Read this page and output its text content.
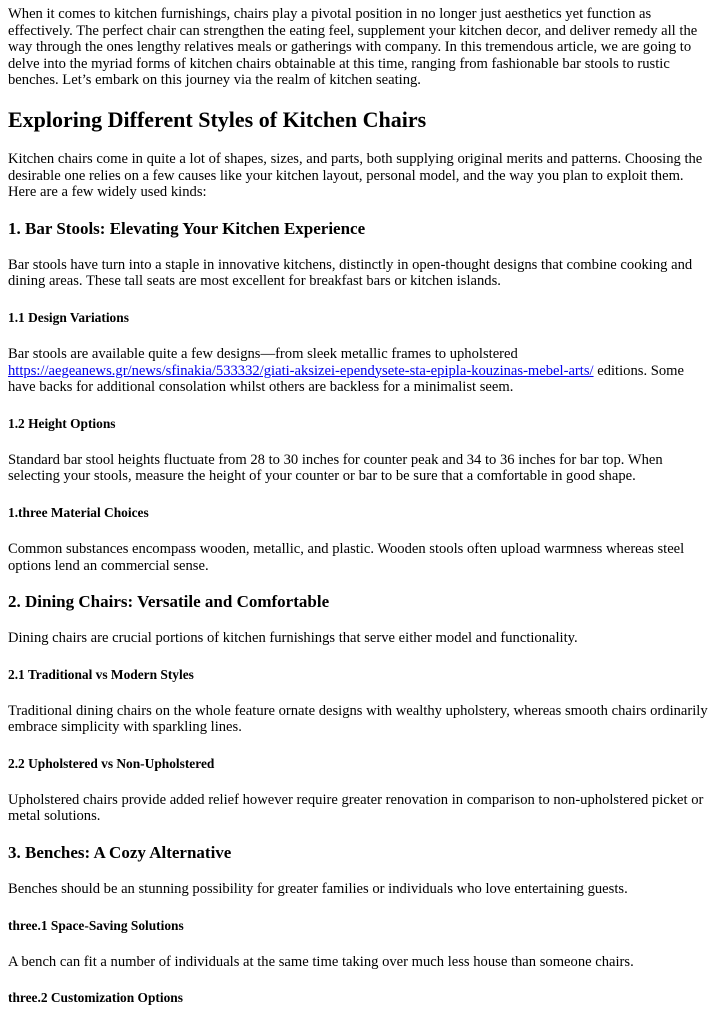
When it comes to kitchen furnishings, chairs play a pivotal position in no longer just aesthetics yet function as effectively. The perfect chair can strengthen the eating feel, supplement your kitchen decor, and deliver remedy all the way through the ones lengthy relatives meals or gatherings with company. In this tremendous article, we are going to delve into the myriad forms of kitchen chairs obtainable at this time, ranging from fashionable bar stools to rustic benches. Let’s embark on this journey via the realm of kitchen seating.

Exploring Different Styles of Kitchen Chairs

Kitchen chairs come in quite a lot of shapes, sizes, and parts, both supplying original merits and patterns. Choosing the desirable one relies on a few causes like your kitchen layout, personal model, and the way you plan to exploit them. Here are a few widely used kinds:

1. Bar Stools: Elevating Your Kitchen Experience

Bar stools have turn into a staple in innovative kitchens, distinctly in open-thought designs that combine cooking and dining areas. These tall seats are most excellent for breakfast bars or kitchen islands.

1.1 Design Variations

Bar stools are available quite a few designs—from sleek metallic frames to upholstered https://aegeanews.gr/news/sfinakia/533332/giati-aksizei-ependysete-sta-epipla-kouzinas-mebel-arts/ editions. Some have backs for additional consolation whilst others are backless for a minimalist seem.

1.2 Height Options

Standard bar stool heights fluctuate from 28 to 30 inches for counter peak and 34 to 36 inches for bar top. When selecting your stools, measure the height of your counter or bar to be sure that a comfortable in good shape.

1.three Material Choices

Common substances encompass wooden, metallic, and plastic. Wooden stools often upload warmness whereas steel options lend an commercial sense.

2. Dining Chairs: Versatile and Comfortable

Dining chairs are crucial portions of kitchen furnishings that serve either model and functionality.

2.1 Traditional vs Modern Styles

Traditional dining chairs on the whole feature ornate designs with wealthy upholstery, whereas smooth chairs ordinarily embrace simplicity with sparkling lines.

2.2 Upholstered vs Non-Upholstered

Upholstered chairs provide added relief however require greater renovation in comparison to non-upholstered picket or metal solutions.

3. Benches: A Cozy Alternative

Benches should be an stunning possibility for greater families or individuals who love entertaining guests.

three.1 Space-Saving Solutions

A bench can fit a number of individuals at the same time taking over much less house than someone chairs.

three.2 Customization Options
